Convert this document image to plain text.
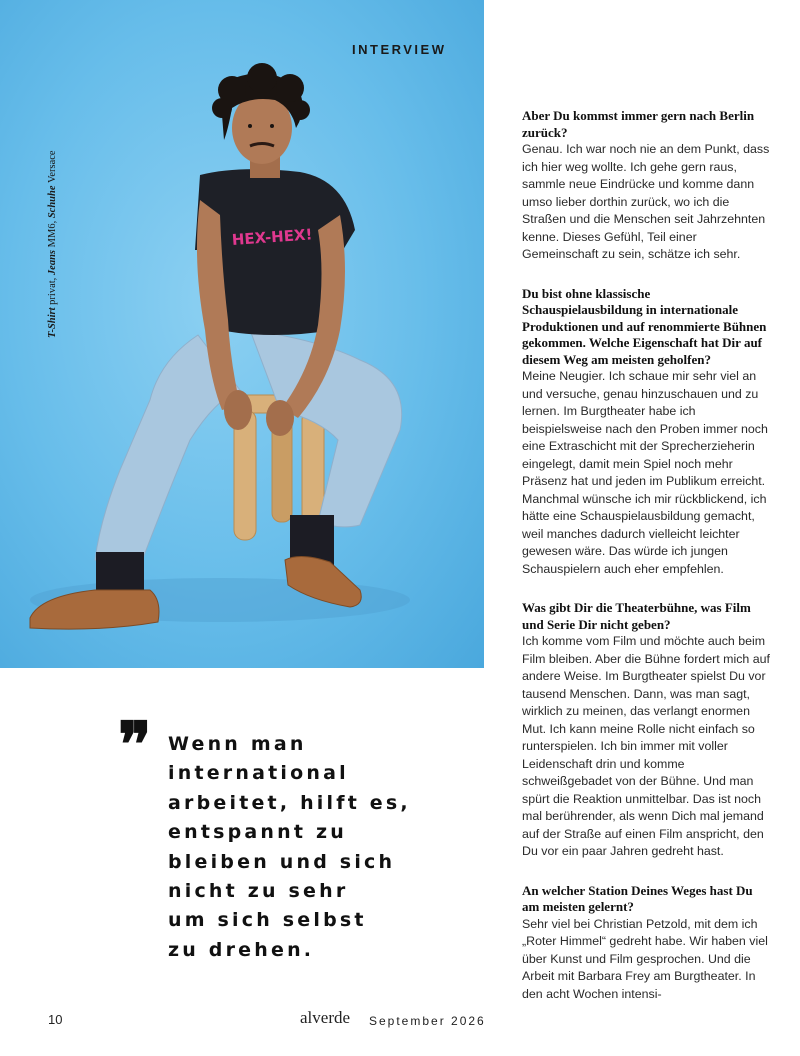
HEX-HEX!
INTERVIEW
T-Shirt privat, Jeans MM6, Schuhe Versace

Aber Du kommst immer gern nach Berlin zurück?

Genau. Ich war noch nie an dem Punkt, dass ich hier weg wollte. Ich gehe gern raus, sammle neue Eindrücke und komme dann umso lieber dorthin zurück, wo ich die Straßen und die Menschen seit Jahrzehnten kenne. Dieses Gefühl, Teil einer Gemeinschaft zu sein, schätze ich sehr.

Du bist ohne klassische Schauspielausbildung in internationale Produktionen und auf renommierte Bühnen gekommen. Welche Eigenschaft hat Dir auf diesem Weg am meisten geholfen?

Meine Neugier. Ich schaue mir sehr viel an und versuche, genau hinzuschauen und zu lernen. Im Burgtheater habe ich beispielsweise nach den Proben immer noch eine Extraschicht mit der Sprecherzieherin eingelegt, damit mein Spiel noch mehr Präsenz hat und jeden im Publikum erreicht. Manchmal wünsche ich mir rückblickend, ich hätte eine Schauspielausbildung gemacht, weil manches dadurch vielleicht leichter gewesen wäre. Das würde ich jungen Schauspielern auch eher empfehlen.

Was gibt Dir die Theaterbühne, was Film und Serie Dir nicht geben?

Ich komme vom Film und möchte auch beim Film bleiben. Aber die Bühne fordert mich auf andere Weise. Im Burgtheater spielst Du vor tausend Menschen. Dann, was man sagt, wirklich zu meinen, das verlangt enormen Mut. Ich kann meine Rolle nicht einfach so runterspielen. Ich bin immer mit voller Leidenschaft drin und komme schweißgebadet von der Bühne. Und man spürt die Reaktion unmittelbar. Das ist noch mal berührender, als wenn Dich mal jemand auf der Straße auf einen Film anspricht, den Du vor ein paar Jahren gedreht hast.

An welcher Station Deines Weges hast Du am meisten gelernt?

Sehr viel bei Christian Petzold, mit dem ich „Roter Himmel“ gedreht habe. Wir haben viel über Kunst und Film gesprochen. Und die Arbeit mit Barbara Frey am Burgtheater. In den acht Wochen intensi-

❞ Wenn man
international
arbeitet, hilft es,
entspannt zu
bleiben und sich
nicht zu sehr
um sich selbst
zu drehen.
10	alverde September 2026
